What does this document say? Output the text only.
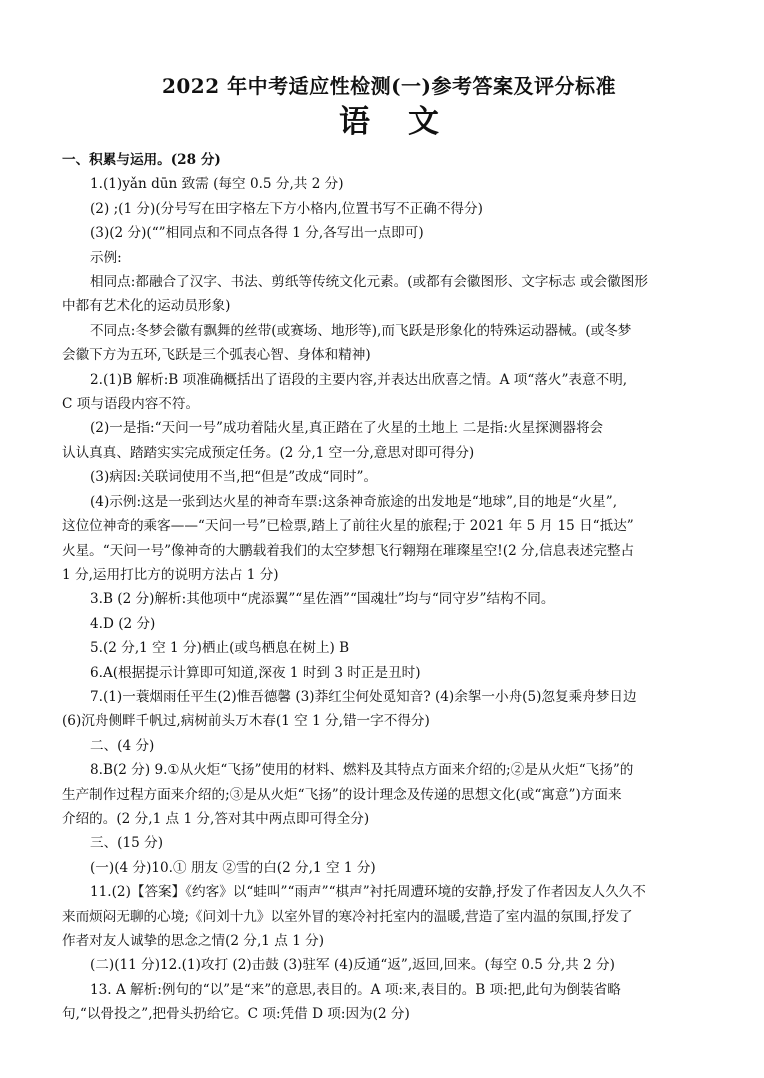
2022 年中考适应性检测(一)参考答案及评分标准
语文
一、积累与运用。(28 分)
1.(1)yǎn dūn 致需 (每空 0.5 分,共 2 分)
(2) ;(1 分)(分号写在田字格左下方小格内,位置书写不正确不得分)
(3)(2 分)(“”相同点和不同点各得 1 分,各写出一点即可)
示例:
相同点:都融合了汉字、书法、剪纸等传统文化元素。(或都有会徽图形、文字标志 或会徽图形
中都有艺术化的运动员形象)
不同点:冬梦会徽有飘舞的丝带(或赛场、地形等),而飞跃是形象化的特殊运动器械。(或冬梦
会徽下方为五环,飞跃是三个弧表心智、身体和精神)
2.(1)B 解析:B 项准确概括出了语段的主要内容,并表达出欣喜之情。A 项“落火”表意不明,
C 项与语段内容不符。
(2)一是指:“天问一号”成功着陆火星,真正踏在了火星的土地上 二是指:火星探测器将会
认认真真、踏踏实实完成预定任务。(2 分,1 空一分,意思对即可得分)
(3)病因:关联词使用不当,把“但是”改成“同时”。
(4)示例:这是一张到达火星的神奇车票:这条神奇旅途的出发地是“地球”,目的地是“火星”,
这位位神奇的乘客——“天问一号”已检票,踏上了前往火星的旅程;于 2021 年 5 月 15 日“抵达”
火星。“天问一号”像神奇的大鹏载着我们的太空梦想飞行翱翔在璀璨星空!(2 分,信息表述完整占
1 分,运用打比方的说明方法占 1 分)
3.B (2 分)解析:其他项中“虎添翼”“星佐酒”“国魂壮”均与“同守岁”结构不同。
4.D (2 分)
5.(2 分,1 空 1 分)栖止(或鸟栖息在树上) B
6.A(根据提示计算即可知道,深夜 1 时到 3 时正是丑时)
7.(1)一蓑烟雨任平生(2)惟吾德馨 (3)莽红尘何处觅知音? (4)余挐一小舟(5)忽复乘舟梦日边
(6)沉舟侧畔千帆过,病树前头万木春(1 空 1 分,错一字不得分)
二、(4 分)
8.B(2 分) 9.①从火炬“飞扬”使用的材料、燃料及其特点方面来介绍的;②是从火炬“飞扬”的
生产制作过程方面来介绍的;③是从火炬“飞扬”的设计理念及传递的思想文化(或“寓意”)方面来
介绍的。(2 分,1 点 1 分,答对其中两点即可得全分)
三、(15 分)
(一)(4 分)10.① 朋友 ②雪的白(2 分,1 空 1 分)
11.(2)【答案】《约客》以“蛙叫”“雨声”“棋声”衬托周遭环境的安静,抒发了作者因友人久久不
来而烦闷无聊的心境;《问刘十九》以室外冒的寒冷衬托室内的温暖,营造了室内温的氛围,抒发了
作者对友人诚挚的思念之情(2 分,1 点 1 分)
(二)(11 分)12.(1)攻打 (2)击鼓 (3)驻军 (4)反通“返”,返回,回来。(每空 0.5 分,共 2 分)
13. A 解析:例句的“以”是“来”的意思,表目的。A 项:来,表目的。B 项:把,此句为倒装省略
句,“以骨投之”,把骨头扔给它。C 项:凭借 D 项:因为(2 分)
